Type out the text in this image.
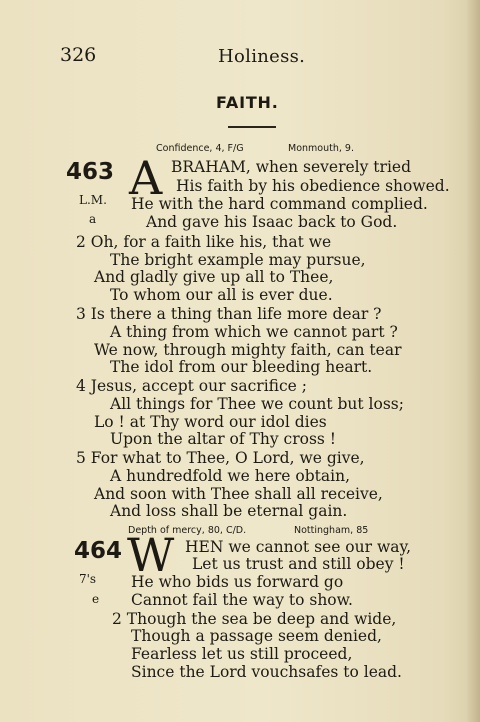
326	Holiness.
FAITH.
Confidence, 4, F/G	Monmouth, 9.
463 A
L.M.
a
BRAHAM, when severely tried
His faith by his obedience showed.
He with the hard command complied.
And gave his Isaac back to God.
2 Oh, for a faith like his, that we
The bright example may pursue,
And gladly give up all to Thee,
To whom our all is ever due.
3 Is there a thing than life more dear ?
A thing from which we cannot part ?
We now, through mighty faith, can tear
The idol from our bleeding heart.
4 Jesus, accept our sacrifice ;
All things for Thee we count but loss;
Lo ! at Thy word our idol dies
Upon the altar of Thy cross !
5 For what to Thee, O Lord, we give,
A hundredfold we here obtain,
And soon with Thee shall all receive,
And loss shall be eternal gain.
Depth of mercy, 80, C/D.	Nottingham, 85
464 W
7's
e
HEN we cannot see our way,
Let us trust and still obey !
He who bids us forward go
Cannot fail the way to show.
2 Though the sea be deep and wide,
Though a passage seem denied,
Fearless let us still proceed,
Since the Lord vouchsafes to lead.
